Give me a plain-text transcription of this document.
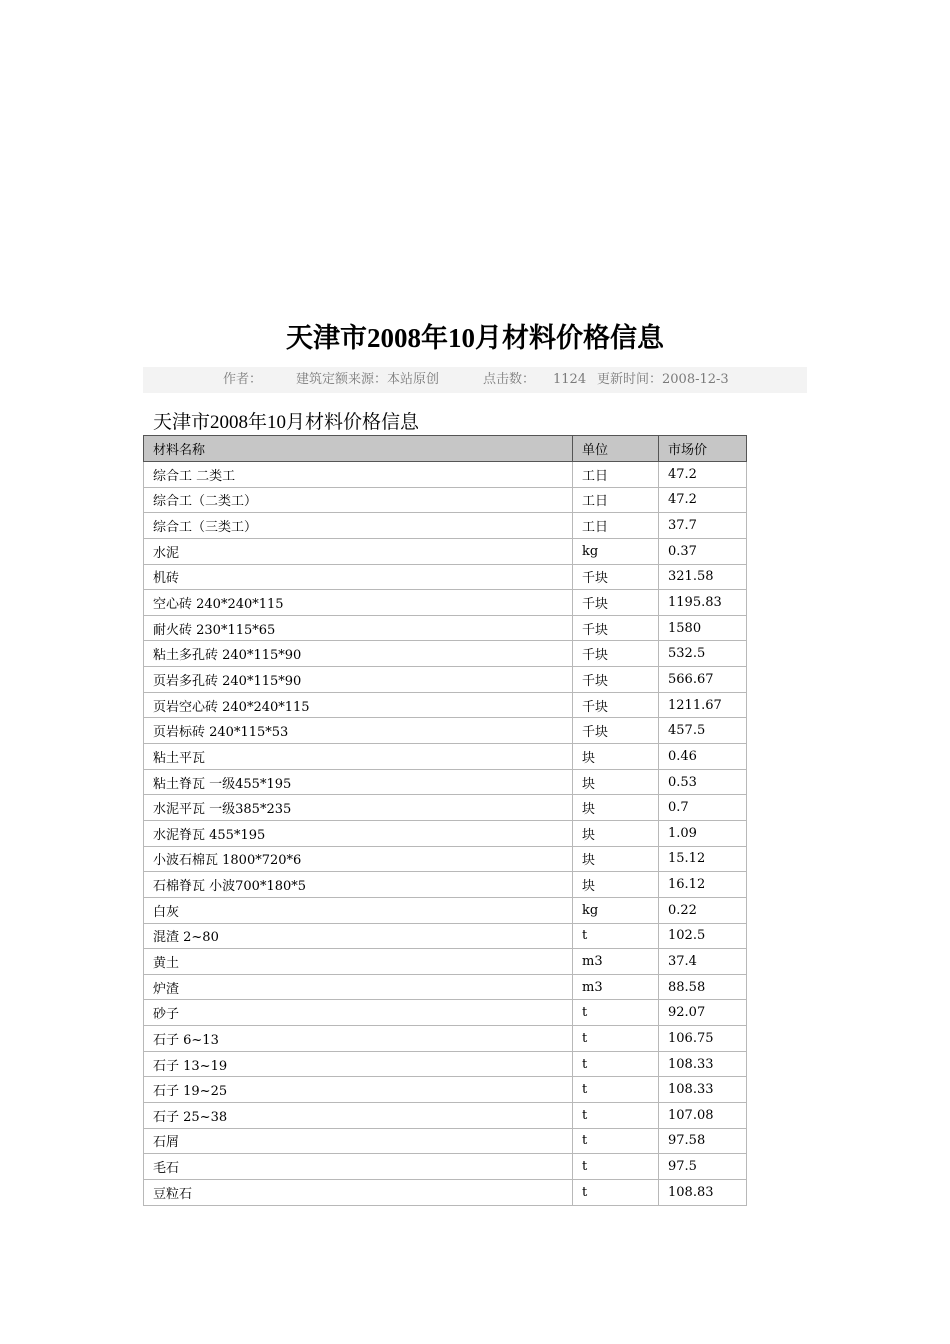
天津市2008年10月材料价格信息
作者：	建筑定额来源：本站原创	点击数： 1124 更新时间：2008-12-3
天津市2008年10月材料价格信息
材料名称	单位	市场价
综合工 二类工	工日	47.2
综合工（二类工）	工日	47.2
综合工（三类工）	工日	37.7
水泥	kg	0.37
机砖	千块	321.58
空心砖 240*240*115	千块	1195.83
耐火砖 230*115*65	千块	1580
粘土多孔砖 240*115*90	千块	532.5
页岩多孔砖 240*115*90	千块	566.67
页岩空心砖 240*240*115	千块	1211.67
页岩标砖 240*115*53	千块	457.5
粘土平瓦	块	0.46
粘土脊瓦 一级455*195	块	0.53
水泥平瓦 一级385*235	块	0.7
水泥脊瓦 455*195	块	1.09
小波石棉瓦 1800*720*6	块	15.12
石棉脊瓦 小波700*180*5	块	16.12
白灰	kg	0.22
混渣 2~80	t	102.5
黄土	m3	37.4
炉渣	m3	88.58
砂子	t	92.07
石子 6~13	t	106.75
石子 13~19	t	108.33
石子 19~25	t	108.33
石子 25~38	t	107.08
石屑	t	97.58
毛石	t	97.5
豆粒石	t	108.83
